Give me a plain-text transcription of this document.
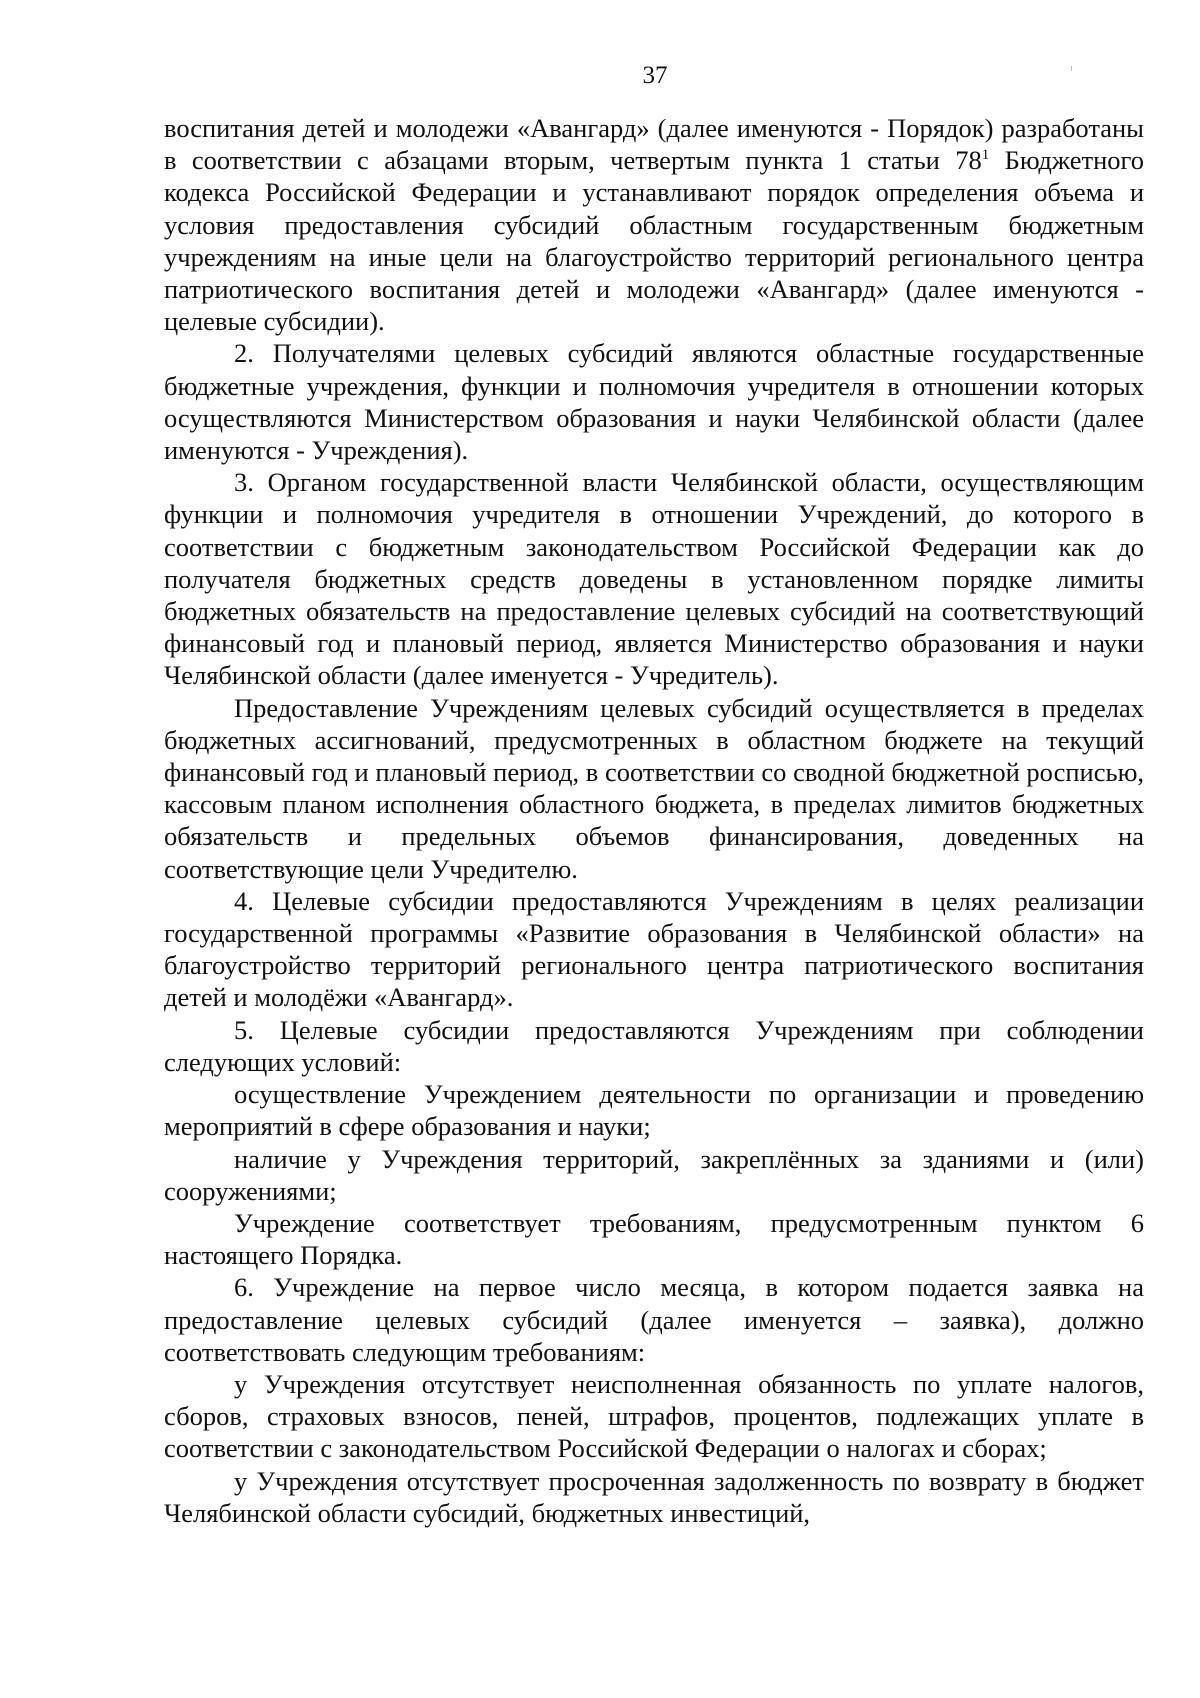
37

воспитания детей и молодежи «Авангард» (далее именуются - Порядок) разработаны в соответствии с абзацами вторым, четвертым пункта 1 статьи $78^1$ Бюджетного кодекса Российской Федерации и устанавливают порядок определения объема и условия предоставления субсидий областным государственным бюджетным учреждениям на иные цели на благоустройство территорий регионального центра патриотического воспитания детей и молодежи «Авангард» (далее именуются - целевые субсидии).

2. Получателями целевых субсидий являются областные государственные бюджетные учреждения, функции и полномочия учредителя в отношении которых осуществляются Министерством образования и науки Челябинской области (далее именуются - Учреждения).

3. Органом государственной власти Челябинской области, осуществляющим функции и полномочия учредителя в отношении Учреждений, до которого в соответствии с бюджетным законодательством Российской Федерации как до получателя бюджетных средств доведены в установленном порядке лимиты бюджетных обязательств на предоставление целевых субсидий на соответствующий финансовый год и плановый период, является Министерство образования и науки Челябинской области (далее именуется - Учредитель).

Предоставление Учреждениям целевых субсидий осуществляется в пределах бюджетных ассигнований, предусмотренных в областном бюджете на текущий финансовый год и плановый период, в соответствии со сводной бюджетной росписью, кассовым планом исполнения областного бюджета, в пределах лимитов бюджетных обязательств и предельных объемов финансирования, доведенных на соответствующие цели Учредителю.

4. Целевые субсидии предоставляются Учреждениям в целях реализации государственной программы «Развитие образования в Челябинской области» на благоустройство территорий регионального центра патриотического воспитания детей и молодёжи «Авангард».

5. Целевые субсидии предоставляются Учреждениям при соблюдении следующих условий:

осуществление Учреждением деятельности по организации и проведению мероприятий в сфере образования и науки;

наличие у Учреждения территорий, закреплённых за зданиями и (или) сооружениями;

Учреждение соответствует требованиям, предусмотренным пунктом 6 настоящего Порядка.

6. Учреждение на первое число месяца, в котором подается заявка на предоставление целевых субсидий (далее именуется – заявка), должно соответствовать следующим требованиям:

у Учреждения отсутствует неисполненная обязанность по уплате налогов, сборов, страховых взносов, пеней, штрафов, процентов, подлежащих уплате в соответствии с законодательством Российской Федерации о налогах и сборах;

у Учреждения отсутствует просроченная задолженность по возврату в бюджет Челябинской области субсидий, бюджетных инвестиций,
